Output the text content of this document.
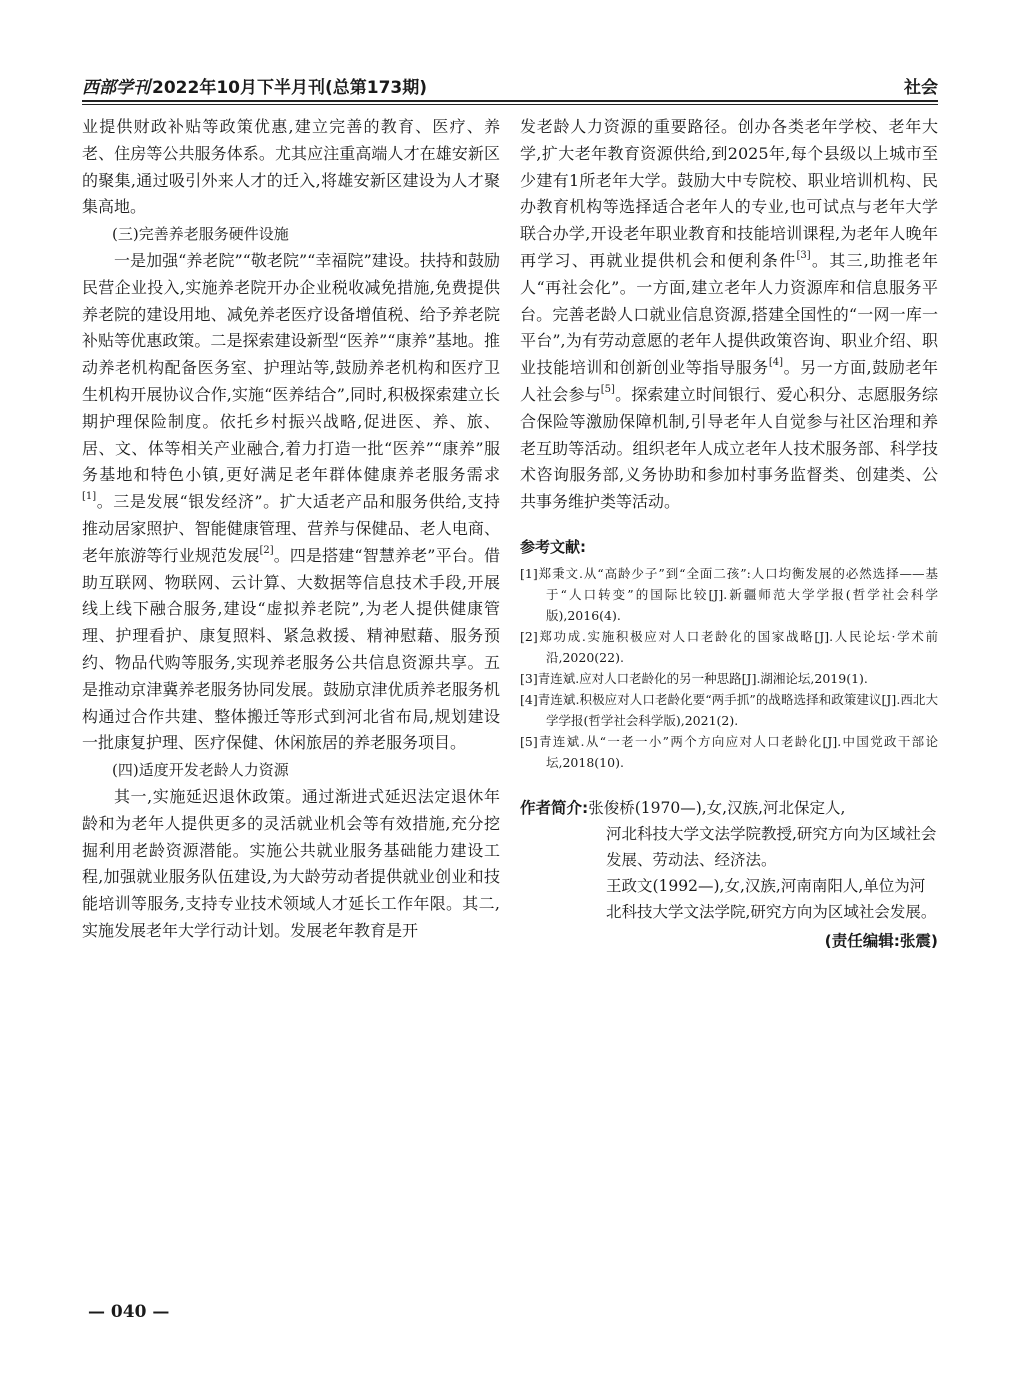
西部学刊 2022年10月下半月刊(总第173期)	社会

业提供财政补贴等政策优惠,建立完善的教育、医疗、养老、住房等公共服务体系。尤其应注重高端人才在雄安新区的聚集,通过吸引外来人才的迁入,将雄安新区建设为人才聚集高地。

(三)完善养老服务硬件设施

一是加强“养老院”“敬老院”“幸福院”建设。扶持和鼓励民营企业投入,实施养老院开办企业税收减免措施,免费提供养老院的建设用地、减免养老医疗设备增值税、给予养老院补贴等优惠政策。二是探索建设新型“医养”“康养”基地。推动养老机构配备医务室、护理站等,鼓励养老机构和医疗卫生机构开展协议合作,实施“医养结合”,同时,积极探索建立长期护理保险制度。依托乡村振兴战略,促进医、养、旅、居、文、体等相关产业融合,着力打造一批“医养”“康养”服务基地和特色小镇,更好满足老年群体健康养老服务需求[1]。三是发展“银发经济”。扩大适老产品和服务供给,支持推动居家照护、智能健康管理、营养与保健品、老人电商、老年旅游等行业规范发展[2]。四是搭建“智慧养老”平台。借助互联网、物联网、云计算、大数据等信息技术手段,开展线上线下融合服务,建设“虚拟养老院”,为老人提供健康管理、护理看护、康复照料、紧急救援、精神慰藉、服务预约、物品代购等服务,实现养老服务公共信息资源共享。五是推动京津冀养老服务协同发展。鼓励京津优质养老服务机构通过合作共建、整体搬迁等形式到河北省布局,规划建设一批康复护理、医疗保健、休闲旅居的养老服务项目。

(四)适度开发老龄人力资源

其一,实施延迟退休政策。通过渐进式延迟法定退休年龄和为老年人提供更多的灵活就业机会等有效措施,充分挖掘利用老龄资源潜能。实施公共就业服务基础能力建设工程,加强就业服务队伍建设,为大龄劳动者提供就业创业和技能培训等服务,支持专业技术领域人才延长工作年限。其二,实施发展老年大学行动计划。发展老年教育是开

发老龄人力资源的重要路径。创办各类老年学校、老年大学,扩大老年教育资源供给,到2025年,每个县级以上城市至少建有1所老年大学。鼓励大中专院校、职业培训机构、民办教育机构等选择适合老年人的专业,也可试点与老年大学联合办学,开设老年职业教育和技能培训课程,为老年人晚年再学习、再就业提供机会和便利条件[3]。其三,助推老年人“再社会化”。一方面,建立老年人力资源库和信息服务平台。完善老龄人口就业信息资源,搭建全国性的“一网一库一平台”,为有劳动意愿的老年人提供政策咨询、职业介绍、职业技能培训和创新创业等指导服务[4]。另一方面,鼓励老年人社会参与[5]。探索建立时间银行、爱心积分、志愿服务综合保险等激励保障机制,引导老年人自觉参与社区治理和养老互助等活动。组织老年人成立老年人技术服务部、科学技术咨询服务部,义务协助和参加村事务监督类、创建类、公共事务维护类等活动。

参考文献:
[1]郑秉文.从“高龄少子”到“全面二孩”:人口均衡发展的必然选择——基于“人口转变”的国际比较[J].新疆师范大学学报(哲学社会科学版),2016(4).
[2]郑功成.实施积极应对人口老龄化的国家战略[J].人民论坛·学术前沿,2020(22).
[3]青连斌.应对人口老龄化的另一种思路[J].湖湘论坛,2019(1).
[4]青连斌.积极应对人口老龄化要“两手抓”的战略选择和政策建议[J].西北大学学报(哲学社会科学版),2021(2).
[5]青连斌.从“一老一小”两个方向应对人口老龄化[J].中国党政干部论坛,2018(10).
作者简介:张俊桥(1970—),女,汉族,河北保定人,
河北科技大学文法学院教授,研究方向为区域社会发展、劳动法、经济法。
王政文(1992—),女,汉族,河南南阳人,单位为河北科技大学文法学院,研究方向为区域社会发展。
(责任编辑:张震)
— 040 —
